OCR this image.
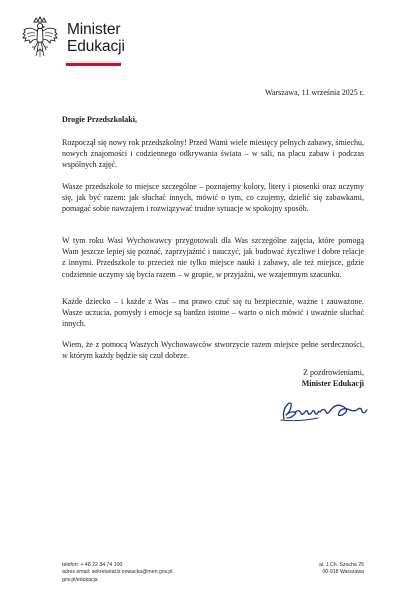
Minister
Edukacji
Warszawa, 11 września 2025 r.
Drogie Przedszkolaki,

Rozpoczął się nowy rok przedszkolny! Przed Wami wiele miesięcy pełnych zabawy, śmiechu, nowych znajomości i codziennego odkrywania świata – w sali, na placu zabaw i podczas wspólnych zajęć.

Wasze przedszkole to miejsce szczególne – poznajemy kolory, litery i piosenki oraz uczymy się, jak być razem: jak słuchać innych, mówić o tym, co czujemy, dzielić się zabawkami, pomagać sobie nawzajem i rozwiązywać trudne sytuacje w spokojny sposób.

W tym roku Wasi Wychowawcy przygotowali dla Was szczególne zajęcia, które pomogą Wam jeszcze lepiej się poznać, zaprzyjaźnić i nauczyć, jak budować życzliwe i dobre relacje z innymi. Przedszkole to przecież nie tylko miejsce nauki i zabawy, ale też miejsce, gdzie codziennie uczymy się bycia razem – w grupie, w przyjaźni, we wzajemnym szacunku.

Każde dziecko – i każde z Was – ma prawo czuć się tu bezpiecznie, ważne i zauważone. Wasze uczucia, pomysły i emocje są bardzo istotne – warto o nich mówić i uważnie słuchać innych.

Wiem, że z pomocą Waszych Wychowawców stworzycie razem miejsce pełne serdeczności, w którym każdy będzie się czuł dobrze.

Z pozdrowieniami,
Minister Edukacji
telefon: + 48 22 34 74 100
adres email: sekretariat.b.nowacka@men.gov.pl
gov.pl/edukacja
al. J.Ch. Szucha 25
00-918 Warszawa
